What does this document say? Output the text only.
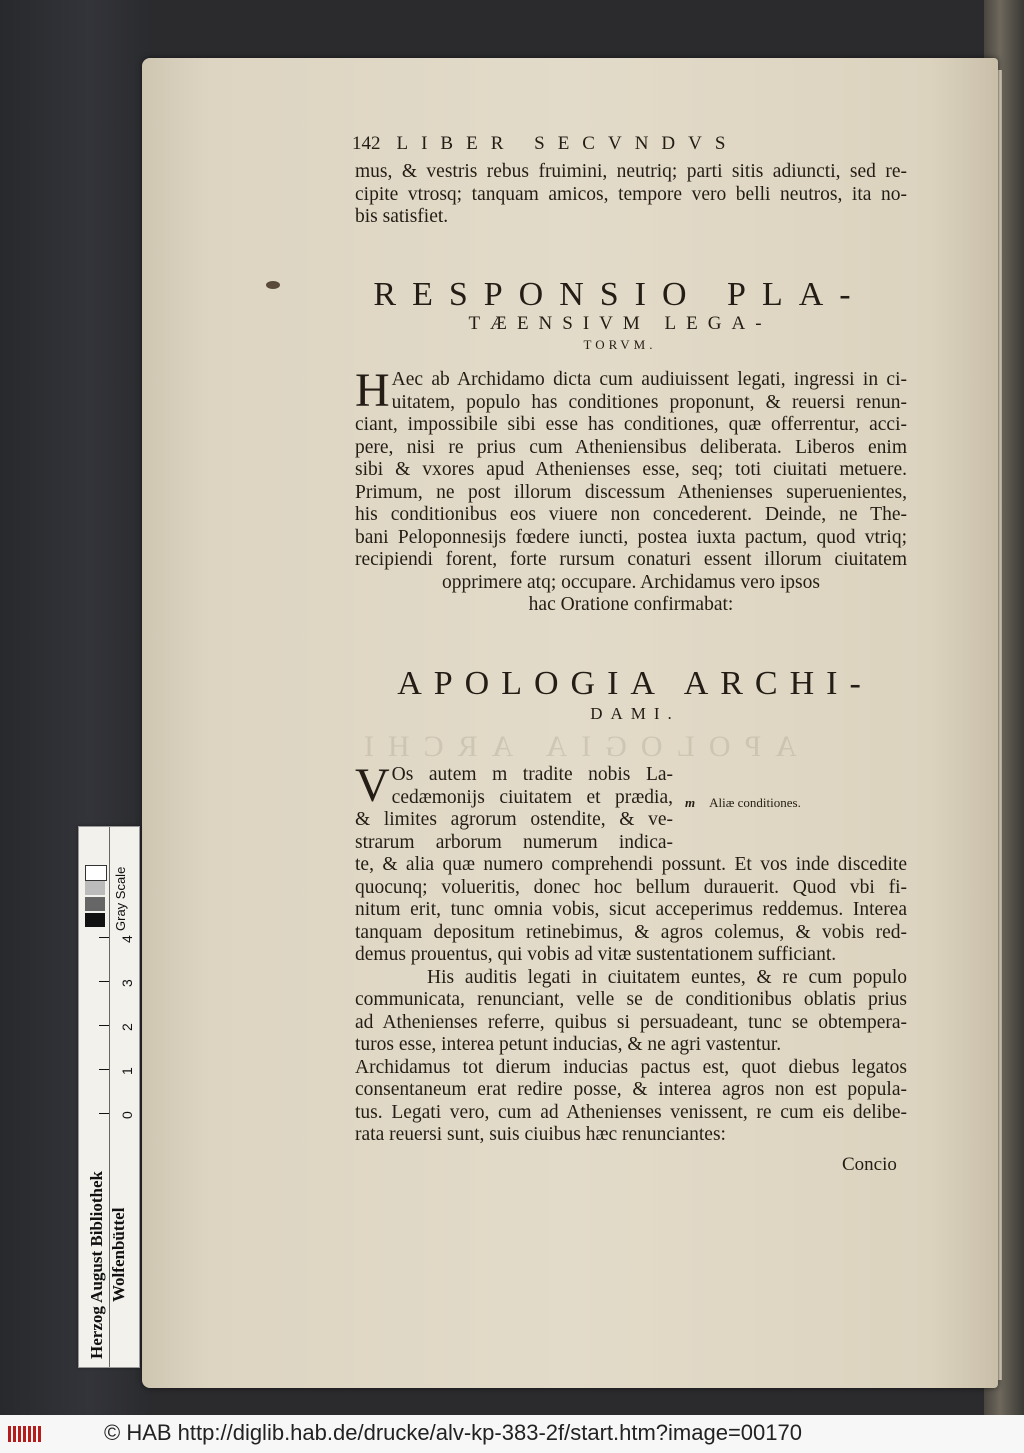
APOLOGIA ARCHI
142 LIBER SECVNDVS
mus, & vestris rebus fruimini, neutriq; parti sitis adiuncti, sed re-
cipite vtrosq; tanquam amicos, tempore vero belli neutros, ita no-
bis satisfiet.
RESPONSIO PLA-
TÆENSIVM LEGA-
TORVM.
H Aec ab Archidamo dicta cum audiuissent legati, ingressi in ci-
uitatem, populo has conditiones proponunt, & reuersi renun-
ciant, impossibile sibi esse has conditiones, quæ offerrentur, acci-
pere, nisi re prius cum Atheniensibus deliberata. Liberos enim
sibi & vxores apud Athenienses esse, seq; toti ciuitati metuere.
Primum, ne post illorum discessum Athenienses superuenientes,
his conditionibus eos viuere non concederent. Deinde, ne The-
bani Peloponnesijs fœdere iuncti, postea iuxta pactum, quod vtriq;
recipiendi forent, forte rursum conaturi essent illorum ciuitatem
opprimere atq; occupare. Archidamus vero ipsos
hac Oratione confirmabat:
APOLOGIA ARCHI-
DAMI.
V Os autem m tradite nobis La-
cedæmonijs ciuitatem et prædia,
& limites agrorum ostendite, & ve-
strarum arborum numerum indica-
m Aliæ conditiones.
te, & alia quæ numero comprehendi possunt. Et vos inde discedite
quocunq; volueritis, donec hoc bellum durauerit. Quod vbi fi-
nitum erit, tunc omnia vobis, sicut acceperimus reddemus. Interea
tanquam depositum retinebimus, & agros colemus, & vobis red-
demus prouentus, qui vobis ad vitæ sustentationem sufficiant.
His auditis legati in ciuitatem euntes, & re cum populo
communicata, renunciant, velle se de conditionibus oblatis prius
ad Athenienses referre, quibus si persuadeant, tunc se obtempera-
turos esse, interea petunt inducias, & ne agri vastentur.
Archidamus tot dierum inducias pactus est, quot diebus legatos
consentaneum erat redire posse, & interea agros non est popula-
tus. Legati vero, cum ad Athenienses venissent, re cum eis delibe-
rata reuersi sunt, suis ciuibus hæc renunciantes:
Concio
Gray Scale
0
1
2
3
4
Herzog August Bibliothek Wolfenbüttel
© HAB http://diglib.hab.de/drucke/alv-kp-383-2f/start.htm?image=00170
